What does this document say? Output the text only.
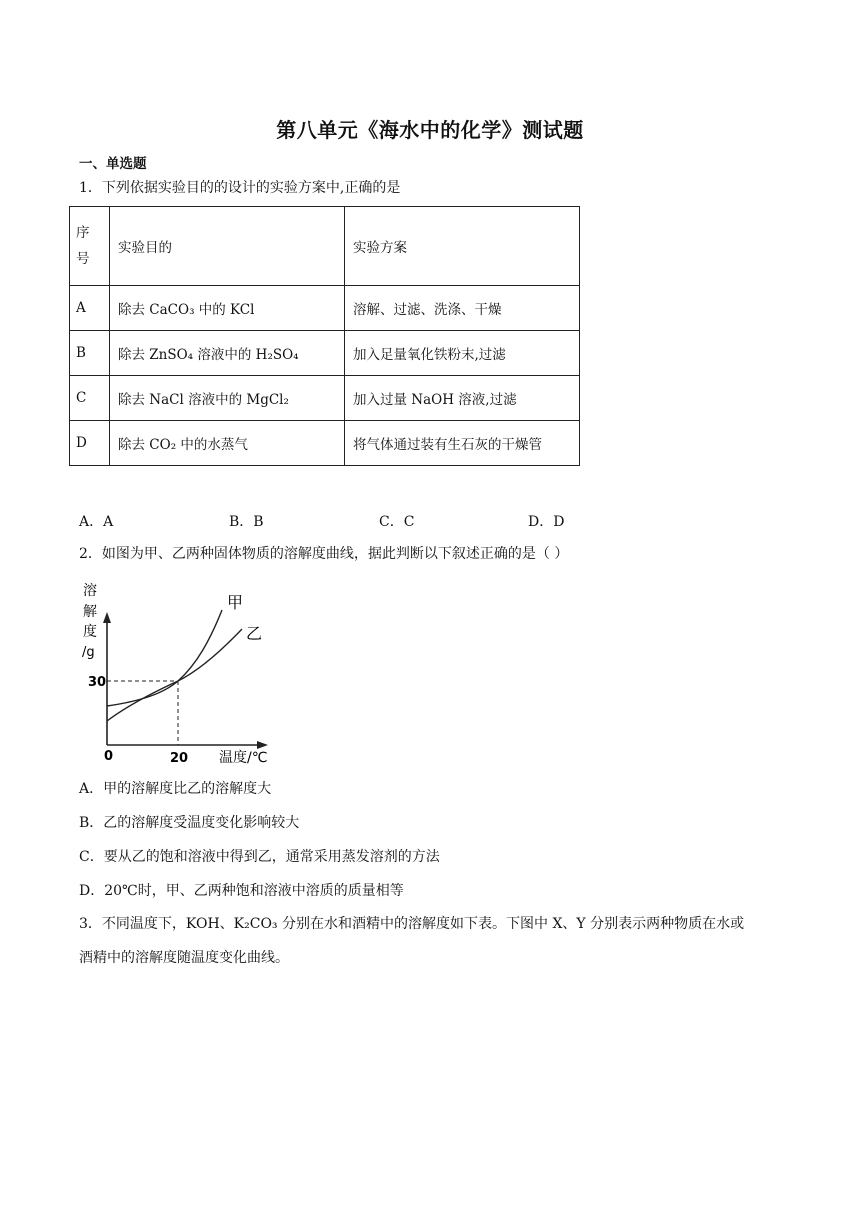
第八单元《海水中的化学》测试题
一、单选题
1．下列依据实验目的的设计的实验方案中,正确的是
序
号	实验目的	实验方案
A	除去 CaCO₃ 中的 KCl	溶解、过滤、洗涤、干燥
B	除去 ZnSO₄ 溶液中的 H₂SO₄	加入足量氧化铁粉末,过滤
C	除去 NaCl 溶液中的 MgCl₂	加入过量 NaOH 溶液,过滤
D	除去 CO₂ 中的水蒸气	将气体通过装有生石灰的干燥管
A．A	B．B	C．C	D．D
2．如图为甲、乙两种固体物质的溶解度曲线，据此判断以下叙述正确的是（ ）
溶
解
度
/g
甲
乙
30
0	20 温度/℃
A．甲的溶解度比乙的溶解度大
B．乙的溶解度受温度变化影响较大
C．要从乙的饱和溶液中得到乙，通常采用蒸发溶剂的方法
D．20℃时，甲、乙两种饱和溶液中溶质的质量相等
3．不同温度下，KOH、K₂CO₃ 分别在水和酒精中的溶解度如下表。下图中 X、Y 分别表示两种物质在水或
酒精中的溶解度随温度变化曲线。
